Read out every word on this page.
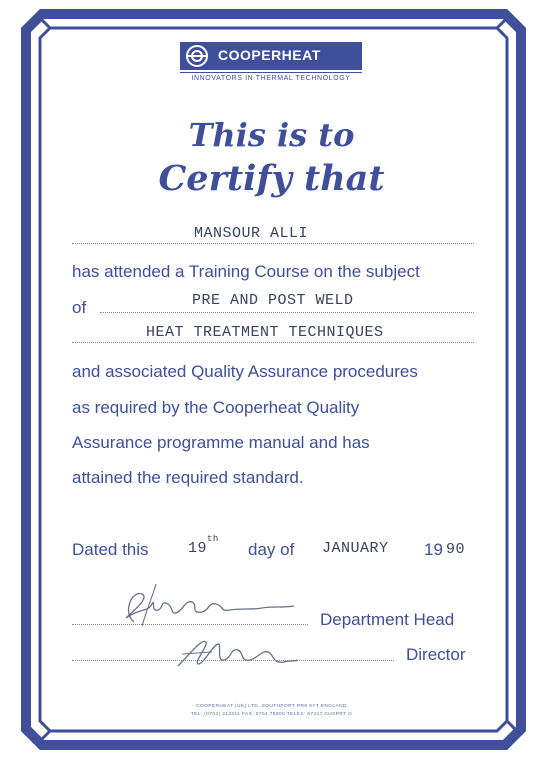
COOPERHEAT
INNOVATORS IN THERMAL TECHNOLOGY
This is to
Certify that
MANSOUR ALLI
has attended a Training Course on the subject
of	PRE AND POST WELD
HEAT TREATMENT TECHNIQUES
and associated Quality Assurance procedures
as required by the Cooperheat Quality
Assurance programme manual and has
attained the required standard.
Dated this	19
th
day of JANUARY 19 90
Department Head
Director
COOPERHEAT (UK) LTD. SOUTHPORT PR8 9YT ENGLAND
TEL: (0704) 213311 FAX: 0704 75800 TELEX: 67417 CHSPRT G
